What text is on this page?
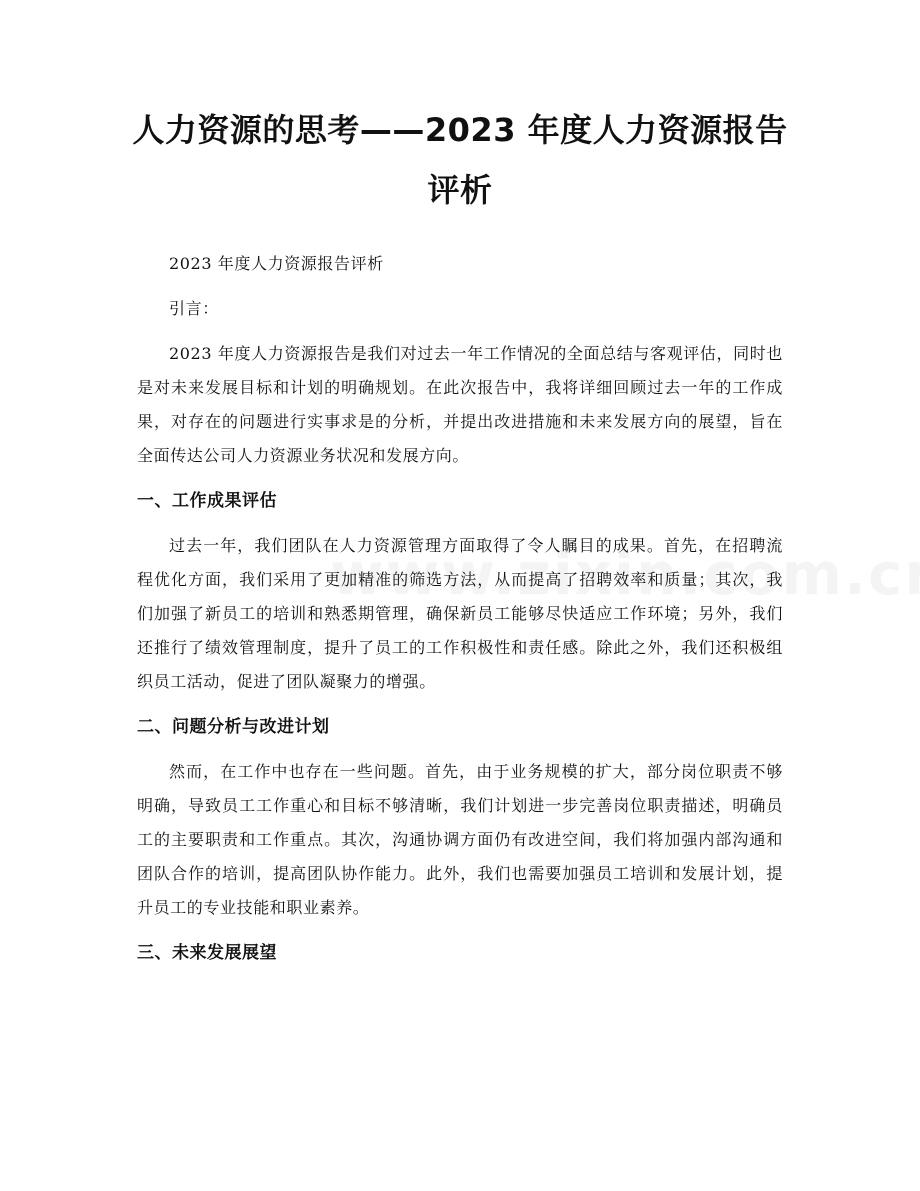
人力资源的思考——2023 年度人力资源报告
评析

2023 年度人力资源报告评析

引言：

2023 年度人力资源报告是我们对过去一年工作情况的全面总结与客观评估，同时也是对未来发展目标和计划的明确规划。在此次报告中，我将详细回顾过去一年的工作成果，对存在的问题进行实事求是的分析，并提出改进措施和未来发展方向的展望，旨在全面传达公司人力资源业务状况和发展方向。

一、工作成果评估

过去一年，我们团队在人力资源管理方面取得了令人瞩目的成果。首先，在招聘流程优化方面，我们采用了更加精准的筛选方法，从而提高了招聘效率和质量；其次，我们加强了新员工的培训和熟悉期管理，确保新员工能够尽快适应工作环境；另外，我们还推行了绩效管理制度，提升了员工的工作积极性和责任感。除此之外，我们还积极组织员工活动，促进了团队凝聚力的增强。

二、问题分析与改进计划

然而，在工作中也存在一些问题。首先，由于业务规模的扩大，部分岗位职责不够明确，导致员工工作重心和目标不够清晰，我们计划进一步完善岗位职责描述，明确员工的主要职责和工作重点。其次，沟通协调方面仍有改进空间，我们将加强内部沟通和团队合作的培训，提高团队协作能力。此外，我们也需要加强员工培训和发展计划，提升员工的专业技能和职业素养。

三、未来发展展望
